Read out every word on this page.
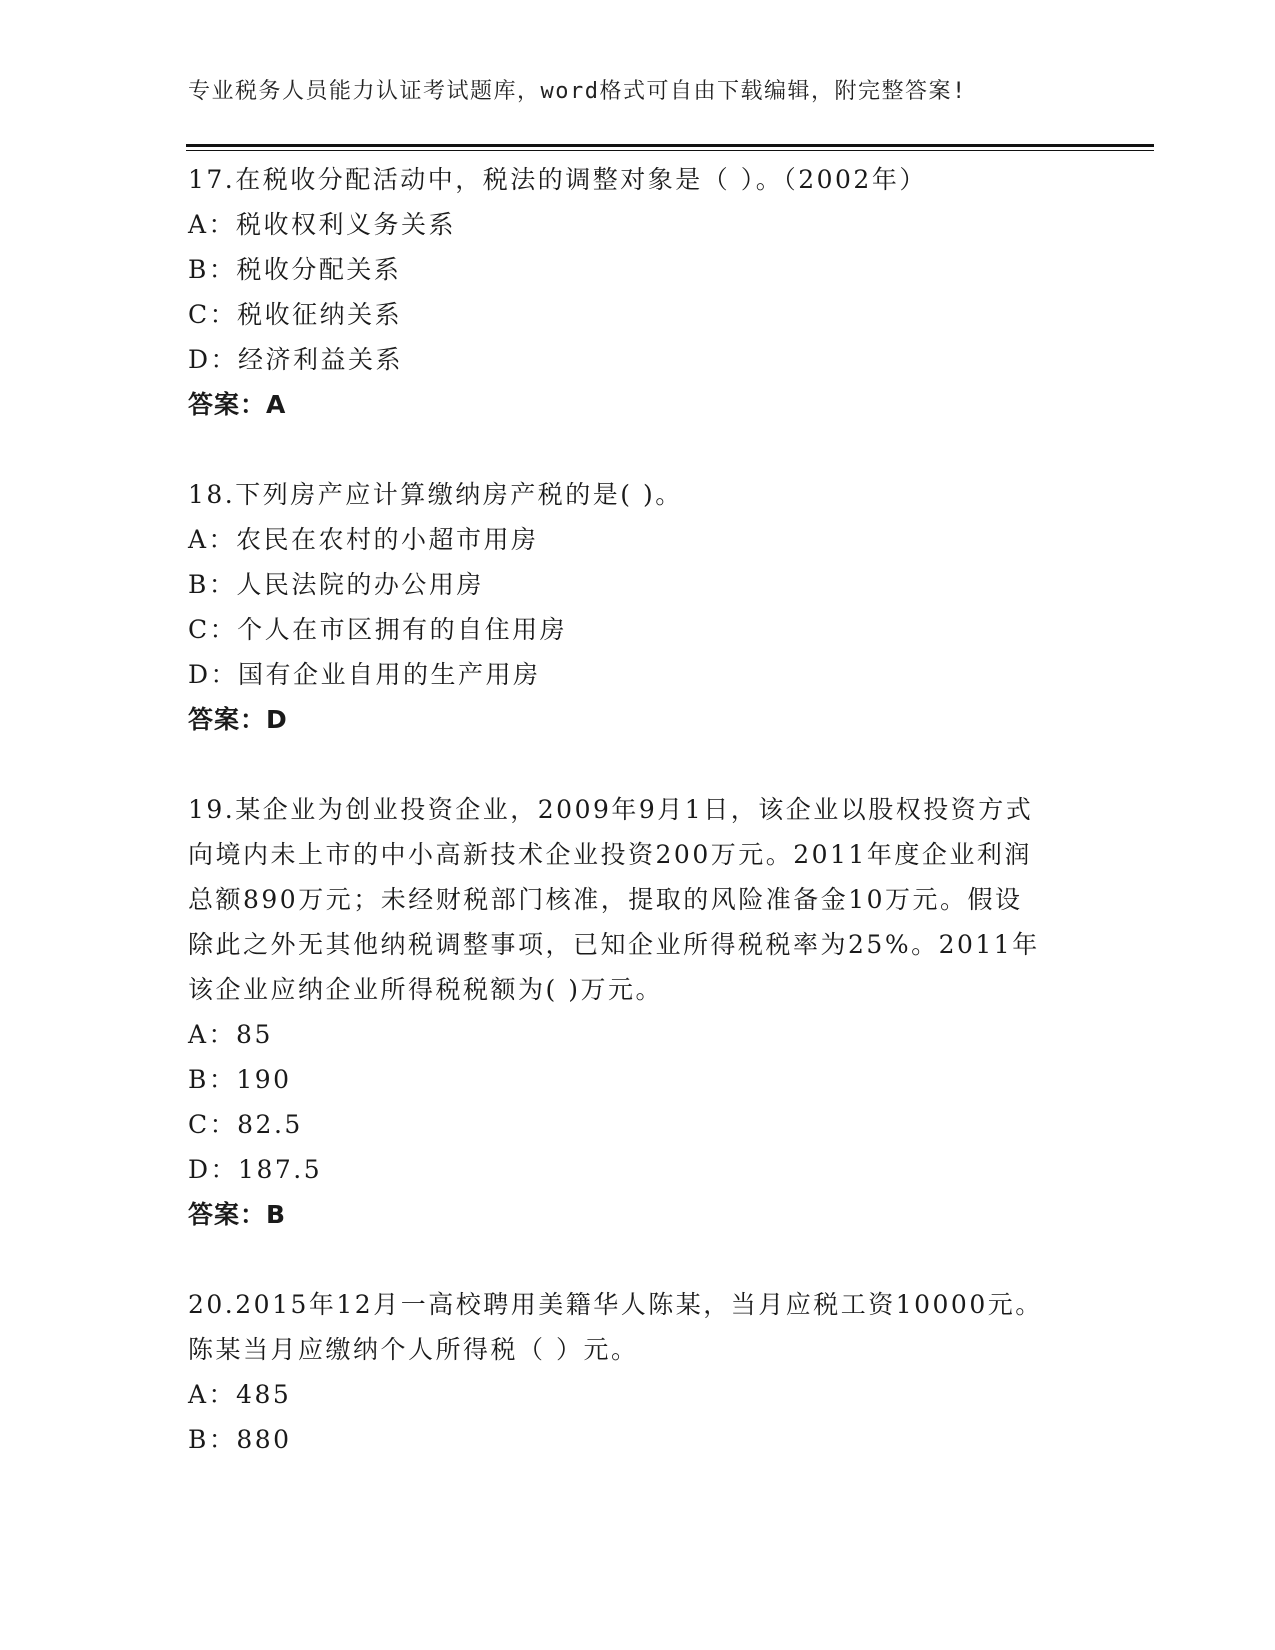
专业税务人员能力认证考试题库，word格式可自由下载编辑，附完整答案!

17.在税收分配活动中，税法的调整对象是（ ）。（2002年）

A：税收权利义务关系

B：税收分配关系

C：税收征纳关系

D：经济利益关系

答案：A

18.下列房产应计算缴纳房产税的是( )。

A：农民在农村的小超市用房

B：人民法院的办公用房

C：个人在市区拥有的自住用房

D：国有企业自用的生产用房

答案：D

19.某企业为创业投资企业，2009年9月1日，该企业以股权投资方式

向境内未上市的中小高新技术企业投资200万元。2011年度企业利润

总额890万元；未经财税部门核准，提取的风险准备金10万元。假设

除此之外无其他纳税调整事项，已知企业所得税税率为25%。2011年

该企业应纳企业所得税税额为( )万元。

A：85

B：190

C：82.5

D：187.5

答案：B

20.2015年12月一高校聘用美籍华人陈某，当月应税工资10000元。

陈某当月应缴纳个人所得税（ ）元。

A：485

B：880
